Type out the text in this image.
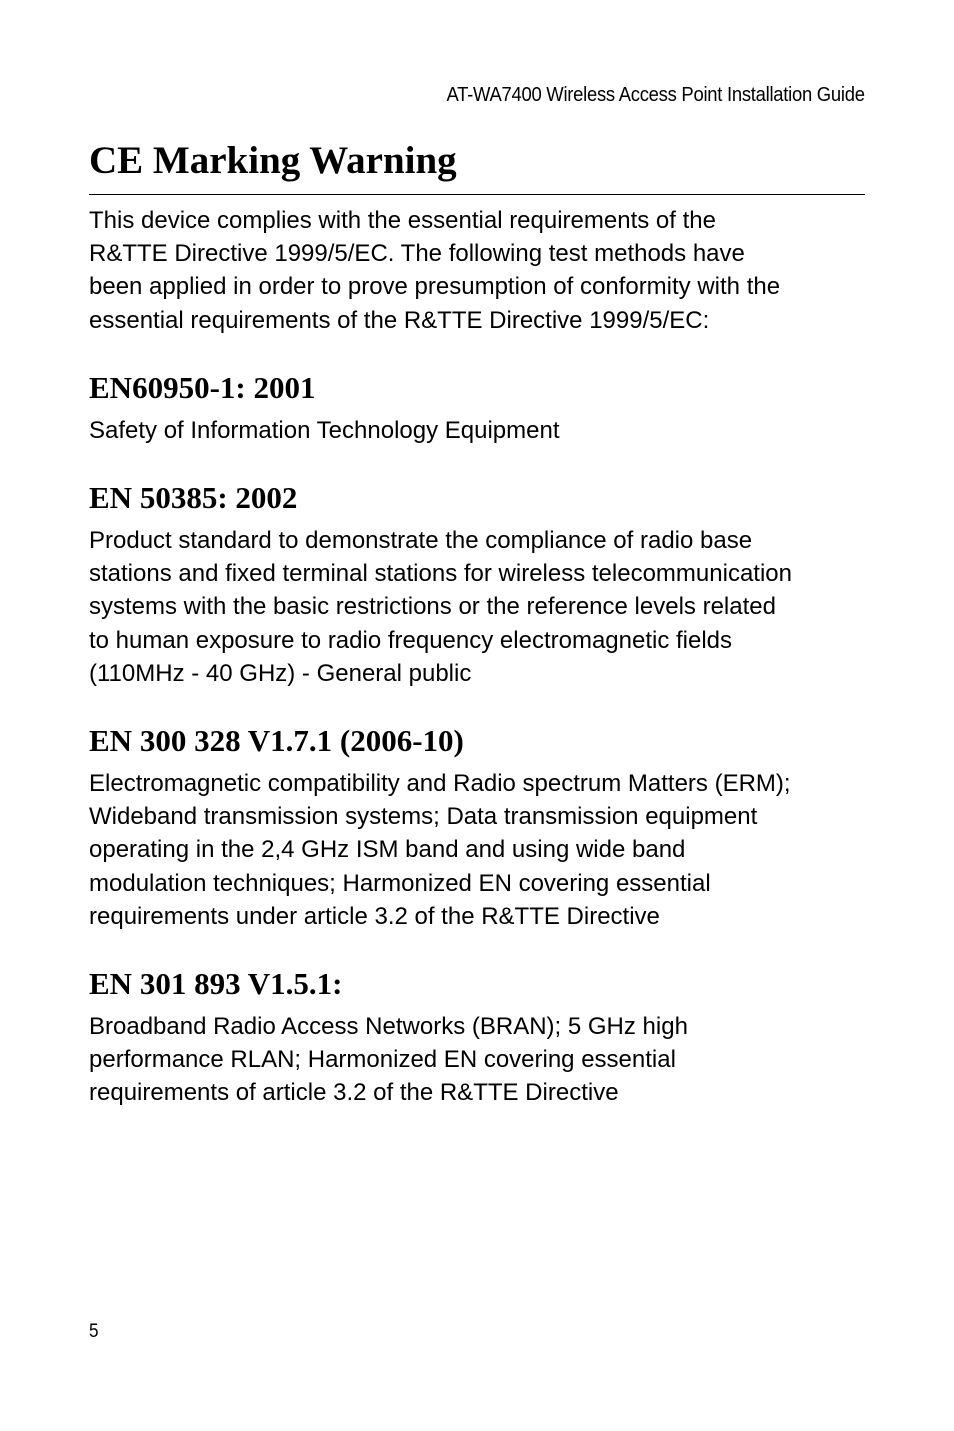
AT-WA7400 Wireless Access Point Installation Guide
CE Marking Warning

This device complies with the essential requirements of the
R&TTE Directive 1999/5/EC. The following test methods have
been applied in order to prove presumption of conformity with the
essential requirements of the R&TTE Directive 1999/5/EC:

EN60950-1: 2001

Safety of Information Technology Equipment

EN 50385: 2002

Product standard to demonstrate the compliance of radio base
stations and fixed terminal stations for wireless telecommunication
systems with the basic restrictions or the reference levels related
to human exposure to radio frequency electromagnetic fields
(110MHz - 40 GHz) - General public

EN 300 328 V1.7.1 (2006-10)

Electromagnetic compatibility and Radio spectrum Matters (ERM);
Wideband transmission systems; Data transmission equipment
operating in the 2,4 GHz ISM band and using wide band
modulation techniques; Harmonized EN covering essential
requirements under article 3.2 of the R&TTE Directive

EN 301 893 V1.5.1:

Broadband Radio Access Networks (BRAN); 5 GHz high
performance RLAN; Harmonized EN covering essential
requirements of article 3.2 of the R&TTE Directive

5
